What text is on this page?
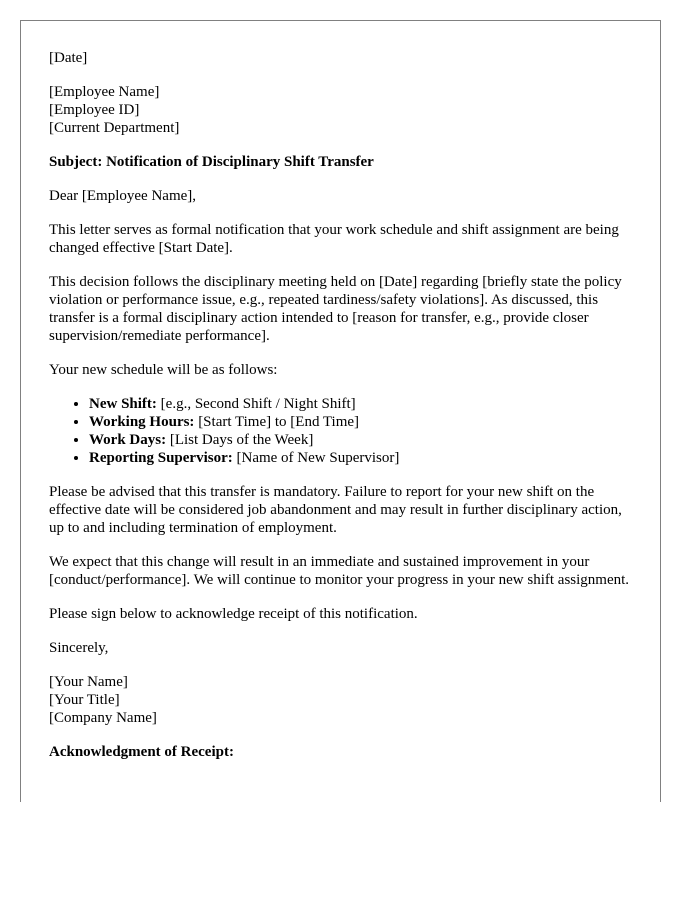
[Date]

[Employee Name]
[Employee ID]
[Current Department]

Subject: Notification of Disciplinary Shift Transfer

Dear [Employee Name],

This letter serves as formal notification that your work schedule and shift assignment are being changed effective [Start Date].

This decision follows the disciplinary meeting held on [Date] regarding [briefly state the policy violation or performance issue, e.g., repeated tardiness/safety violations]. As discussed, this transfer is a formal disciplinary action intended to [reason for transfer, e.g., provide closer supervision/remediate performance].

Your new schedule will be as follows:

• New Shift: [e.g., Second Shift / Night Shift]
• Working Hours: [Start Time] to [End Time]
• Work Days: [List Days of the Week]
• Reporting Supervisor: [Name of New Supervisor]

Please be advised that this transfer is mandatory. Failure to report for your new shift on the effective date will be considered job abandonment and may result in further disciplinary action, up to and including termination of employment.

We expect that this change will result in an immediate and sustained improvement in your [conduct/performance]. We will continue to monitor your progress in your new shift assignment.

Please sign below to acknowledge receipt of this notification.

Sincerely,

[Your Name]
[Your Title]
[Company Name]

Acknowledgment of Receipt:
